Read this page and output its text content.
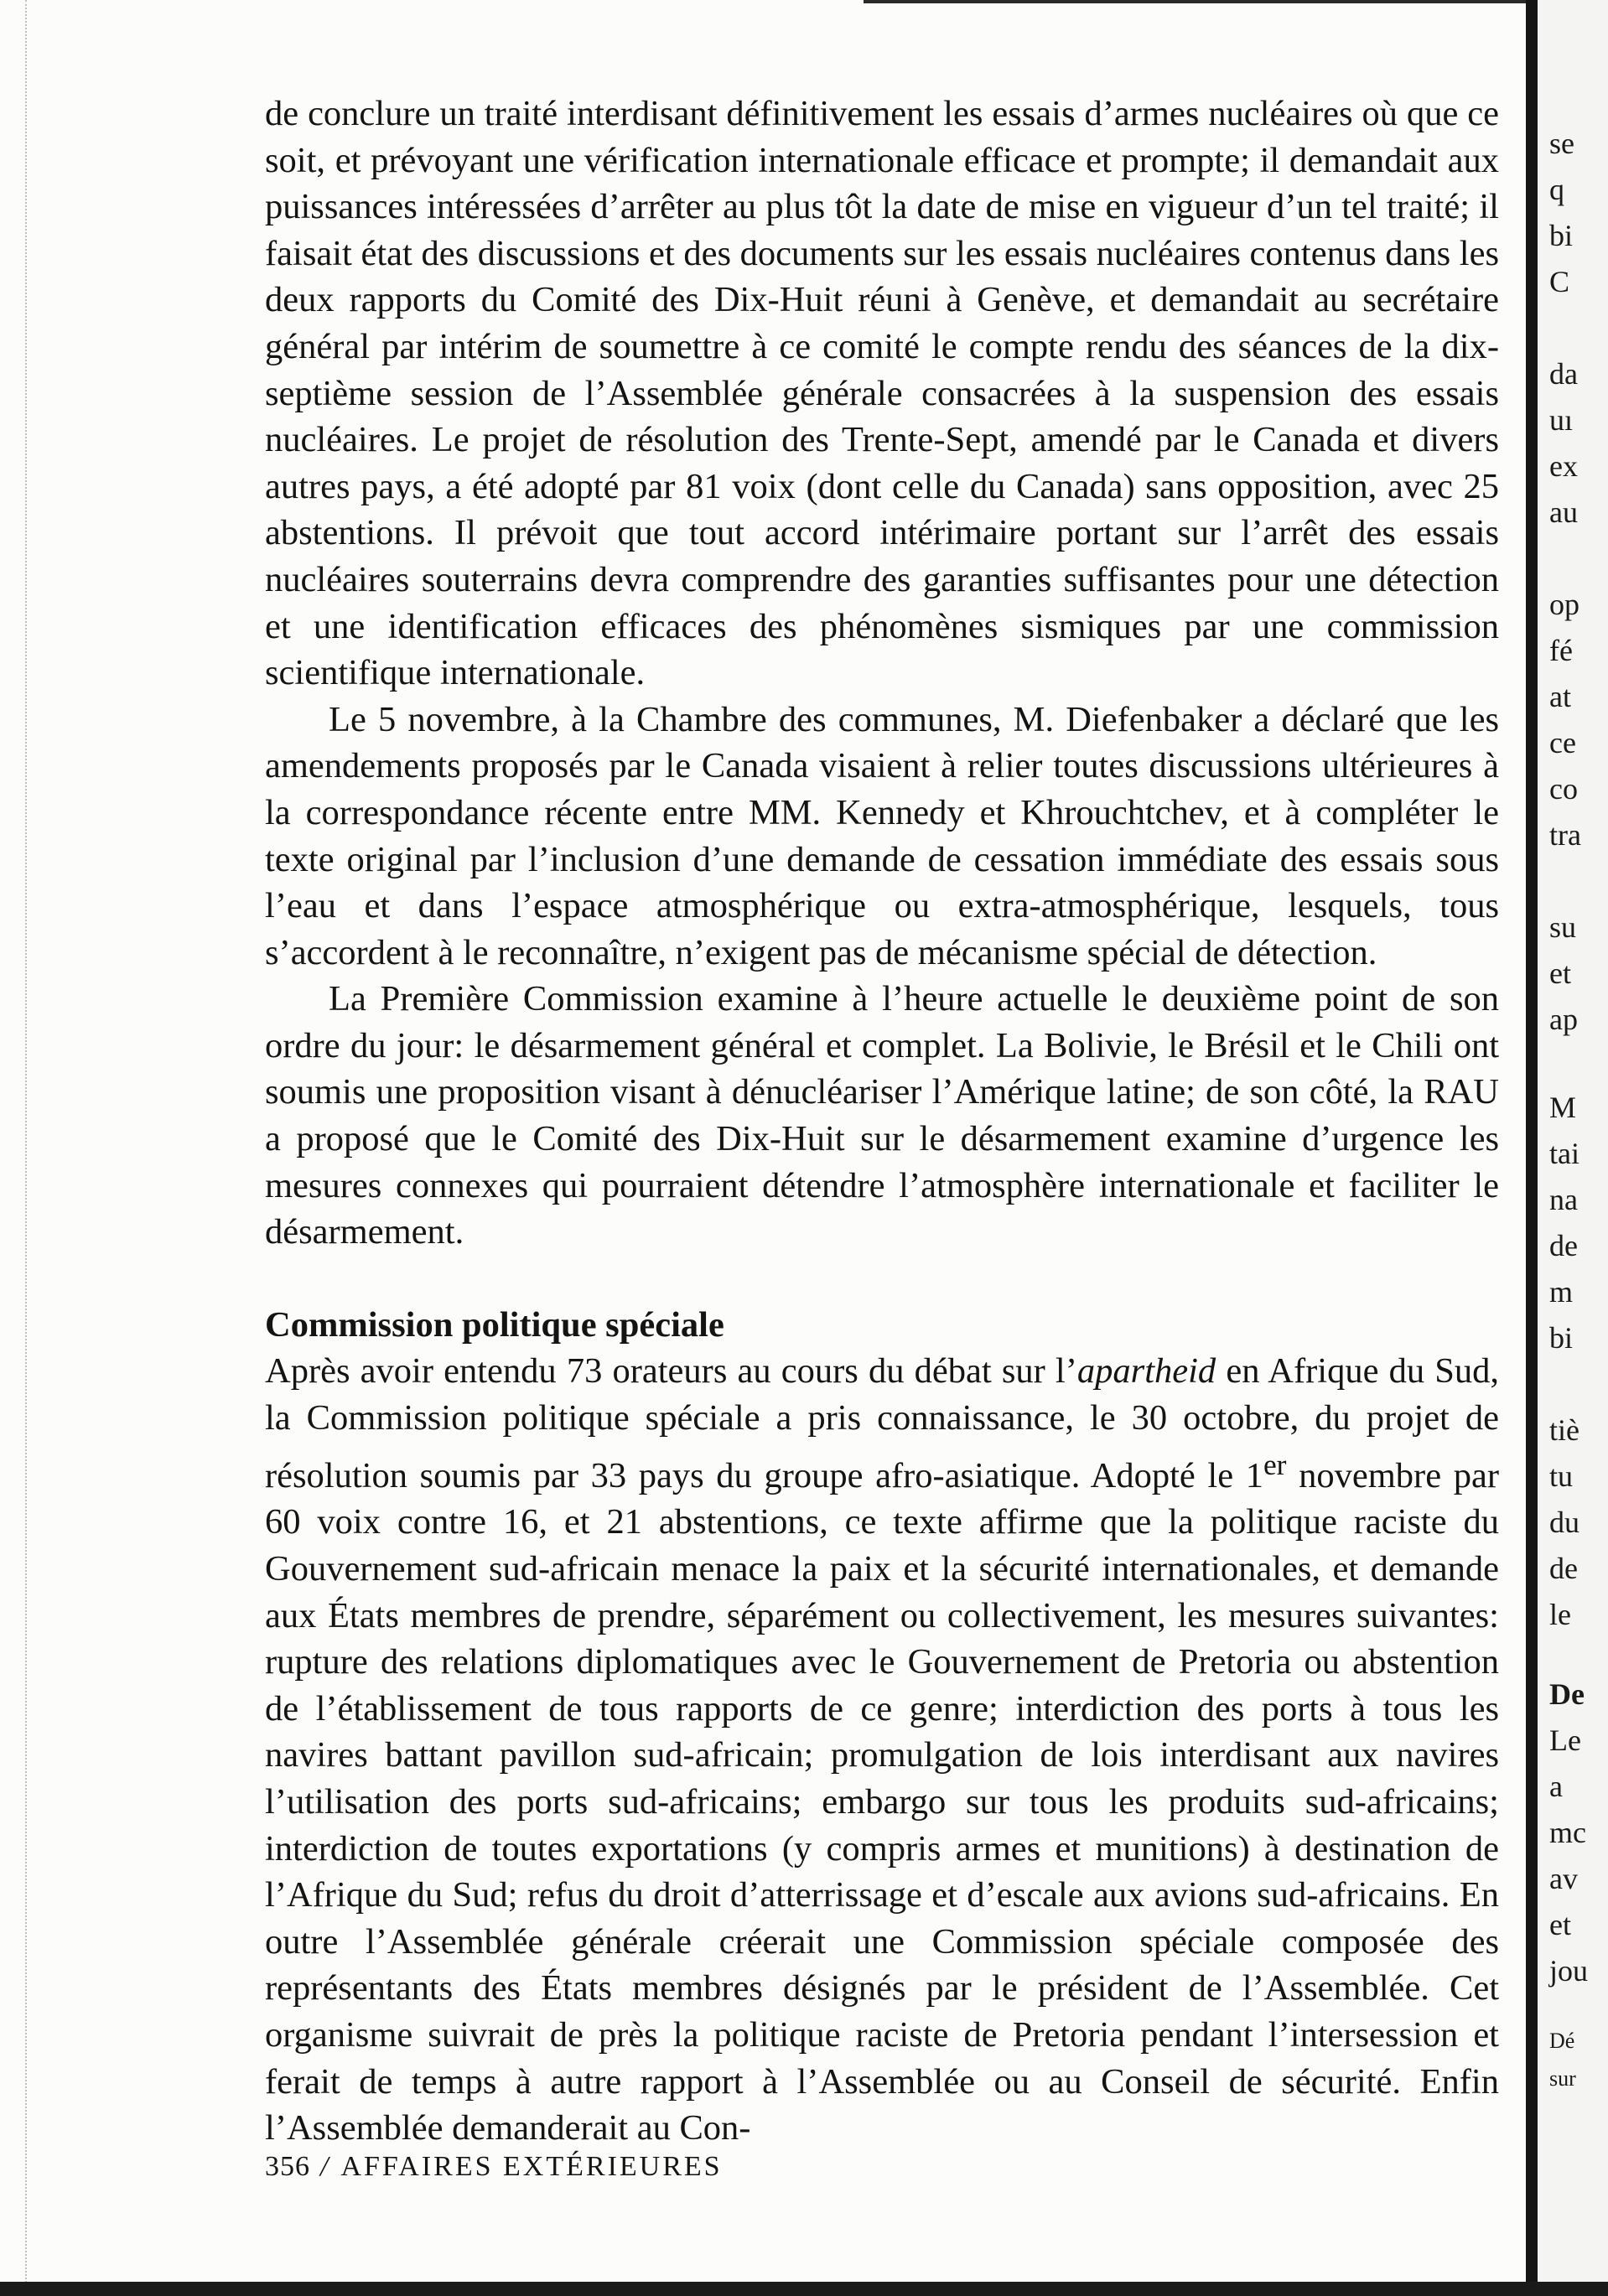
de conclure un traité interdisant définitivement les essais d’armes nucléaires où que ce soit, et prévoyant une vérification internationale efficace et prompte; il demandait aux puissances intéressées d’arrêter au plus tôt la date de mise en vigueur d’un tel traité; il faisait état des discussions et des documents sur les essais nucléaires contenus dans les deux rapports du Comité des Dix-Huit réuni à Genève, et demandait au secrétaire général par intérim de soumettre à ce comité le compte rendu des séances de la dix-septième session de l’Assemblée générale consacrées à la suspension des essais nucléaires. Le projet de résolution des Trente-Sept, amendé par le Canada et divers autres pays, a été adopté par 81 voix (dont celle du Canada) sans opposition, avec 25 abstentions. Il prévoit que tout accord intérimaire portant sur l’arrêt des essais nucléaires souterrains devra comprendre des garanties suffisantes pour une détection et une identification efficaces des phénomènes sismiques par une commission scientifique internationale.

Le 5 novembre, à la Chambre des communes, M. Diefenbaker a déclaré que les amendements proposés par le Canada visaient à relier toutes discussions ultérieures à la correspondance récente entre MM. Kennedy et Khrouchtchev, et à compléter le texte original par l’inclusion d’une demande de cessation immédiate des essais sous l’eau et dans l’espace atmosphérique ou extra-atmosphérique, lesquels, tous s’accordent à le reconnaître, n’exigent pas de mécanisme spécial de détection.

La Première Commission examine à l’heure actuelle le deuxième point de son ordre du jour: le désarmement général et complet. La Bolivie, le Brésil et le Chili ont soumis une proposition visant à dénucléariser l’Amérique latine; de son côté, la RAU a proposé que le Comité des Dix-Huit sur le désarmement examine d’urgence les mesures connexes qui pourraient détendre l’atmosphère internationale et faciliter le désarmement.

Commission politique spéciale

Après avoir entendu 73 orateurs au cours du débat sur l’apartheid en Afrique du Sud, la Commission politique spéciale a pris connaissance, le 30 octobre, du projet de résolution soumis par 33 pays du groupe afro-asiatique. Adopté le 1er novembre par 60 voix contre 16, et 21 abstentions, ce texte affirme que la politique raciste du Gouvernement sud-africain menace la paix et la sécurité internationales, et demande aux États membres de prendre, séparément ou collectivement, les mesures suivantes: rupture des relations diplomatiques avec le Gouvernement de Pretoria ou abstention de l’établissement de tous rapports de ce genre; interdiction des ports à tous les navires battant pavillon sud-africain; promulgation de lois interdisant aux navires l’utilisation des ports sud-africains; embargo sur tous les produits sud-africains; interdiction de toutes exportations (y compris armes et munitions) à destination de l’Afrique du Sud; refus du droit d’atterrissage et d’escale aux avions sud-africains. En outre l’Assemblée générale créerait une Commission spéciale composée des représentants des États membres désignés par le président de l’Assemblée. Cet organisme suivrait de près la politique raciste de Pretoria pendant l’intersession et ferait de temps à autre rapport à l’Assemblée ou au Conseil de sécurité. Enfin l’Assemblée demanderait au Con-

356 / AFFAIRES EXTÉRIEURES
se
q
bi
C
da
uı
ex
au
op
fé
at
ce
co
tra
su
et
ap
M
tai
na
de
m
bi
tiè
tu
du
de
le
De
Le
a
mc
av
et
jou
Dé
sur
